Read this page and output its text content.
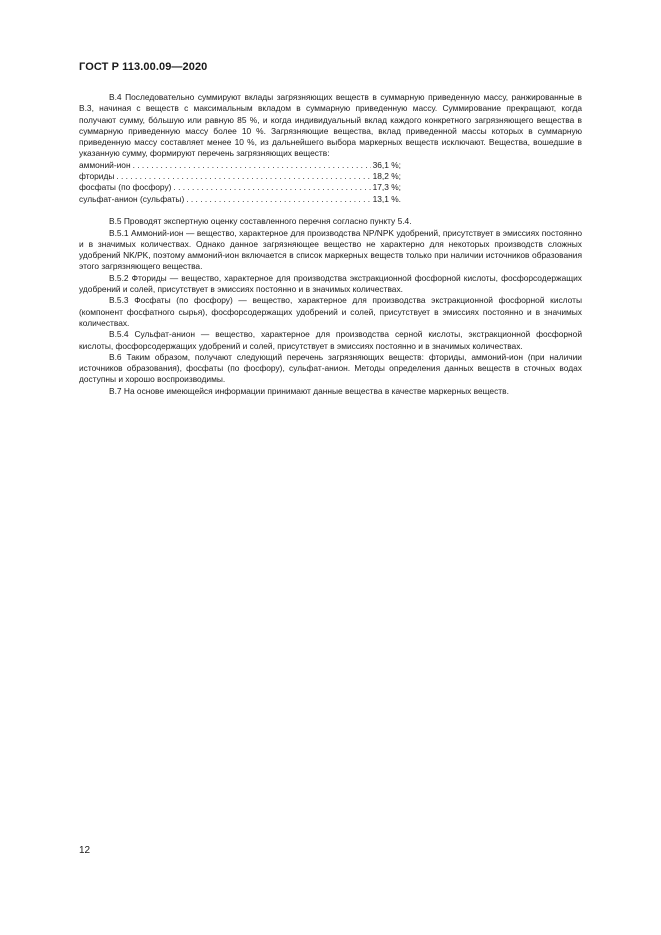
ГОСТ Р 113.00.09—2020

В.4 Последовательно суммируют вклады загрязняющих веществ в суммарную приведенную массу, ранжированные в В.3, начиная с веществ с максимальным вкладом в суммарную приведенную массу. Суммирование прекращают, когда получают сумму, бóльшую или равную 85 %, и когда индивидуальный вклад каждого конкретного загрязняющего вещества в суммарную приведенную массу более 10 %. Загрязняющие вещества, вклад приведенной массы которых в суммарную приведенную массу составляет менее 10 %, из дальнейшего выбора маркерных веществ исключают. Вещества, вошедшие в указанную сумму, формируют перечень загрязняющих веществ:

аммоний-ион . . .	36,1 %;
фториды . . .	18,2 %;
фосфаты (по фосфору) . . .	17,3 %;
сульфат-анион (сульфаты) . . .	13,1 %.

В.5 Проводят экспертную оценку составленного перечня согласно пункту 5.4.

В.5.1 Аммоний-ион — вещество, характерное для производства NP/NPK удобрений, присутствует в эмиссиях постоянно и в значимых количествах. Однако данное загрязняющее вещество не характерно для некоторых производств сложных удобрений NK/PK, поэтому аммоний-ион включается в список маркерных веществ только при наличии источников образования этого загрязняющего вещества.

В.5.2 Фториды — вещество, характерное для производства экстракционной фосфорной кислоты, фосфорсодержащих удобрений и солей, присутствует в эмиссиях постоянно и в значимых количествах.

В.5.3 Фосфаты (по фосфору) — вещество, характерное для производства экстракционной фосфорной кислоты (компонент фосфатного сырья), фосфорсодержащих удобрений и солей, присутствует в эмиссиях постоянно и в значимых количествах.

В.5.4 Сульфат-анион — вещество, характерное для производства серной кислоты, экстракционной фосфорной кислоты, фосфорсодержащих удобрений и солей, присутствует в эмиссиях постоянно и в значимых количествах.

В.6 Таким образом, получают следующий перечень загрязняющих веществ: фториды, аммоний-ион (при наличии источников образования), фосфаты (по фосфору), сульфат-анион. Методы определения данных веществ в сточных водах доступны и хорошо воспроизводимы.

В.7 На основе имеющейся информации принимают данные вещества в качестве маркерных веществ.

12
